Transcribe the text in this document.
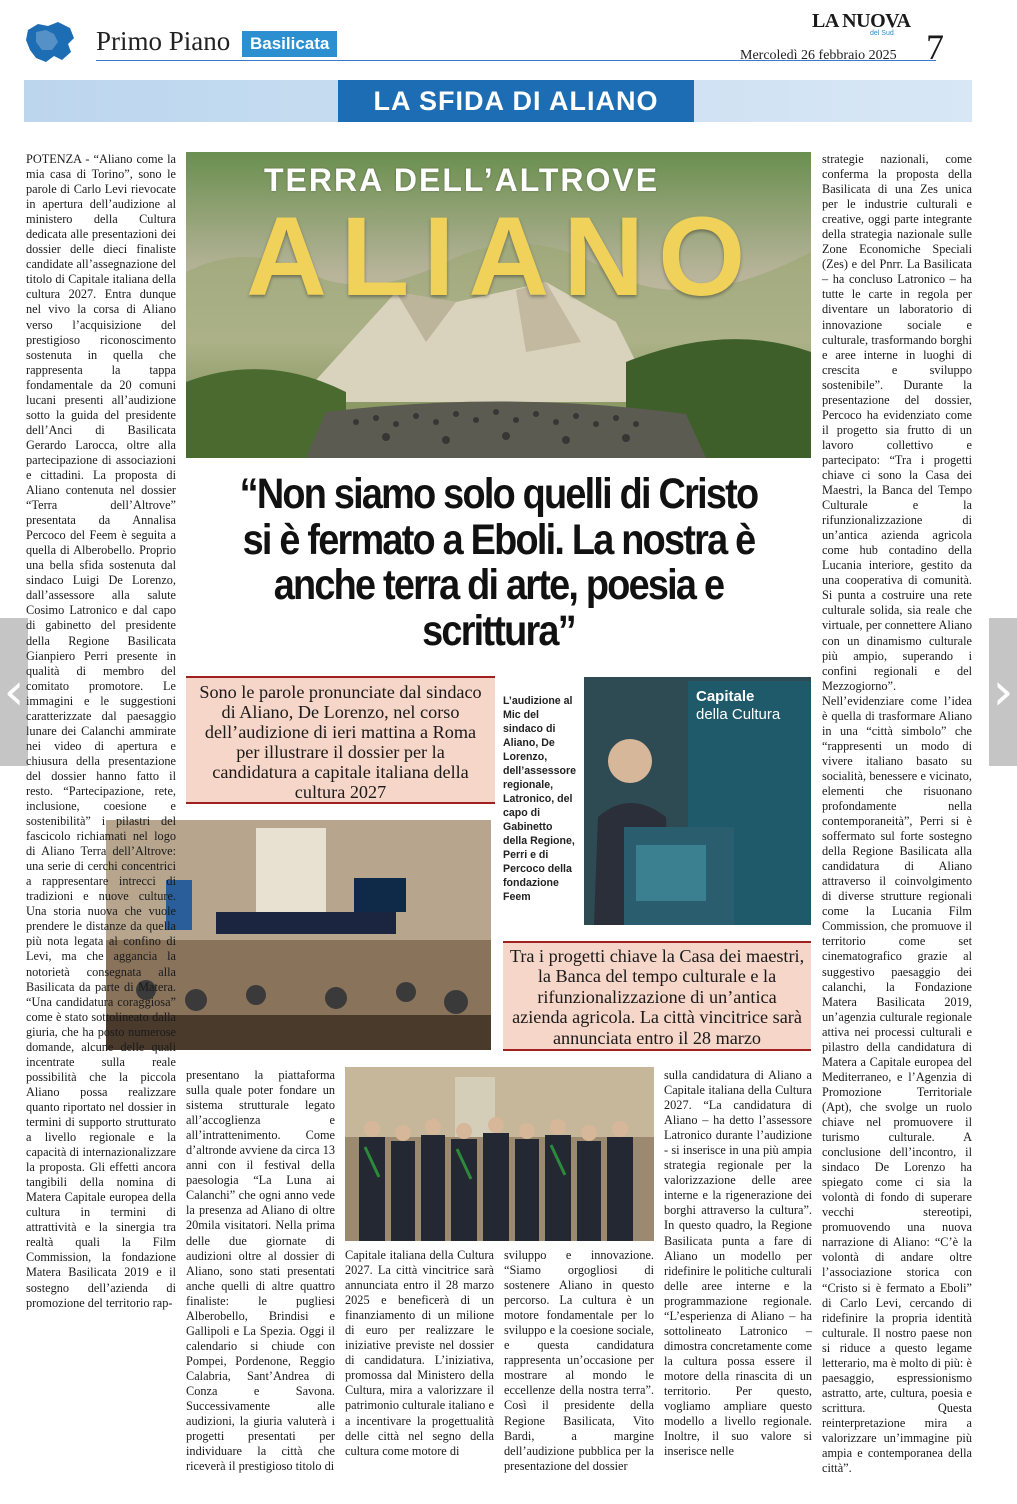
Primo Piano	Basilicata
LA NUOVA
del Sud
Mercoledì 26 febbraio 2025 7
LA SFIDA DI ALIANO
TERRA DELL’ALTROVE
ALIANO
“Non siamo solo quelli di Cristo
si è fermato a Eboli. La nostra è
anche terra di arte, poesia e scrittura”
Sono le parole pronunciate dal sindaco di Aliano, De Lorenzo, nel corso dell’audizione di ieri mattina a Roma per illustrare il dossier per la candidatura a capitale italiana della cultura 2027
L’audizione al Mic del sindaco di Aliano, De Lorenzo, dell’assessore regionale, Latronico, del capo di Gabinetto della Regione, Perri e di Percoco della fondazione Feem
Capitale
della Cultura
Tra i progetti chiave la Casa dei maestri, la Banca del tempo culturale e la rifunzionalizzazione di un’antica azienda agricola. La città vincitrice sarà annunciata entro il 28 marzo

POTENZA - “Aliano come la mia casa di Torino”, sono le parole di Carlo Levi rievocate in apertura dell’audizione al ministero della Cultura dedicata alle presentazioni dei dossier delle dieci finaliste candidate all’assegnazione del titolo di Capitale italiana della cultura 2027. Entra dunque nel vivo la corsa di Aliano verso l’acquisizione del prestigioso riconoscimento sostenuta in quella che rappresenta la tappa fondamentale da 20 comuni lucani presenti all’audizione sotto la guida del presidente dell’Anci di Basilicata Gerardo Larocca, oltre alla partecipazione di associazioni e cittadini. La proposta di Aliano contenuta nel dossier “Terra dell’Altrove” presentata da Annalisa Percoco del Feem è seguita a quella di Alberobello. Proprio una bella sfida sostenuta dal sindaco Luigi De Lorenzo, dall’assessore alla salute Cosimo Latronico e dal capo di gabinetto del presidente della Regione Basilicata Gianpiero Perri presente in qualità di membro del comitato promotore. Le immagini e le suggestioni caratterizzate dal paesaggio lunare dei Calanchi ammirate nei video di apertura e chiusura della presentazione del dossier hanno fatto il resto. “Partecipazione, rete, inclusione, coesione e sostenibilità” i pilastri del fascicolo richiamati nel logo di Aliano Terra dell’Altrove: una serie di cerchi concentrici a rappresentare intrecci di tradizioni e nuove culture. Una storia nuova che vuole prendere le distanze da quella più nota legata al confino di Levi, ma che aggancia la notorietà consegnata alla Basilicata da parte di Matera. “Una candidatura coraggiosa” come è stato sottolineato dalla giuria, che ha posto numerose domande, alcune delle quali incentrate sulla reale possibilità che la piccola Aliano possa realizzare quanto riportato nel dossier in termini di supporto strutturato a livello regionale e la capacità di internazionalizzare la proposta. Gli effetti ancora tangibili della nomina di Matera Capitale europea della cultura in termini di attrattività e la sinergia tra realtà quali la Film Commission, la fondazione Matera Basilicata 2019 e il sostegno dell’azienda di promozione del territorio rap-

presentano la piattaforma sulla quale poter fondare un sistema strutturale legato all’accoglienza e all’intrattenimento. Come d’altronde avviene da circa 13 anni con il festival della paesologia “La Luna ai Calanchi” che ogni anno vede la presenza ad Aliano di oltre 20mila visitatori. Nella prima delle due giornate di audizioni oltre al dossier di Aliano, sono stati presentati anche quelli di altre quattro finaliste: le pugliesi Alberobello, Brindisi e Gallipoli e La Spezia. Oggi il calendario si chiude con Pompei, Pordenone, Reggio Calabria, Sant’Andrea di Conza e Savona. Successivamente alle audizioni, la giuria valuterà i progetti presentati per individuare la città che riceverà il prestigioso titolo di

Capitale italiana della Cultura 2027. La città vincitrice sarà annunciata entro il 28 marzo 2025 e beneficerà di un finanziamento di un milione di euro per realizzare le iniziative previste nel dossier di candidatura. L’iniziativa, promossa dal Ministero della Cultura, mira a valorizzare il patrimonio culturale italiano e a incentivare la progettualità delle città nel segno della cultura come motore di

sviluppo e innovazione. “Siamo orgogliosi di sostenere Aliano in questo percorso. La cultura è un motore fondamentale per lo sviluppo e la coesione sociale, e questa candidatura rappresenta un’occasione per mostrare al mondo le eccellenze della nostra terra”. Così il presidente della Regione Basilicata, Vito Bardi, a margine dell’audizione pubblica per la presentazione del dossier

sulla candidatura di Aliano a Capitale italiana della Cultura 2027. “La candidatura di Aliano – ha detto l’assessore Latronico durante l’audizione - si inserisce in una più ampia strategia regionale per la valorizzazione delle aree interne e la rigenerazione dei borghi attraverso la cultura”. In questo quadro, la Regione Basilicata punta a fare di Aliano un modello per ridefinire le politiche culturali delle aree interne e la programmazione regionale. “L’esperienza di Aliano – ha sottolineato Latronico – dimostra concretamente come la cultura possa essere il motore della rinascita di un territorio. Per questo, vogliamo ampliare questo modello a livello regionale. Inoltre, il suo valore si inserisce nelle

strategie nazionali, come conferma la proposta della Basilicata di una Zes unica per le industrie culturali e creative, oggi parte integrante della strategia nazionale sulle Zone Economiche Speciali (Zes) e del Pnrr. La Basilicata – ha concluso Latronico – ha tutte le carte in regola per diventare un laboratorio di innovazione sociale e culturale, trasformando borghi e aree interne in luoghi di crescita e sviluppo sostenibile”. Durante la presentazione del dossier, Percoco ha evidenziato come il progetto sia frutto di un lavoro collettivo e partecipato: “Tra i progetti chiave ci sono la Casa dei Maestri, la Banca del Tempo Culturale e la rifunzionalizzazione di un’antica azienda agricola come hub contadino della Lucania interiore, gestito da una cooperativa di comunità. Si punta a costruire una rete culturale solida, sia reale che virtuale, per connettere Aliano con un dinamismo culturale più ampio, superando i confini regionali e del Mezzogiorno”. Nell’evidenziare come l’idea è quella di trasformare Aliano in una “città simbolo” che “rappresenti un modo di vivere italiano basato su socialità, benessere e vicinato, elementi che risuonano profondamente nella contemporaneità”, Perri si è soffermato sul forte sostegno della Regione Basilicata alla candidatura di Aliano attraverso il coinvolgimento di diverse strutture regionali come la Lucania Film Commission, che promuove il territorio come set cinematografico grazie al suggestivo paesaggio dei calanchi, la Fondazione Matera Basilicata 2019, un’agenzia culturale regionale attiva nei processi culturali e pilastro della candidatura di Matera a Capitale europea del Mediterraneo, e l’Agenzia di Promozione Territoriale (Apt), che svolge un ruolo chiave nel promuovere il turismo culturale. A conclusione dell’incontro, il sindaco De Lorenzo ha spiegato come ci sia la volontà di fondo di superare vecchi stereotipi, promuovendo una nuova narrazione di Aliano: “C’è la volontà di andare oltre l’associazione storica con “Cristo si è fermato a Eboli” di Carlo Levi, cercando di ridefinire la propria identità culturale. Il nostro paese non si riduce a questo legame letterario, ma è molto di più: è paesaggio, espressionismo astratto, arte, cultura, poesia e scrittura. Questa reinterpretazione mira a valorizzare un’immagine più ampia e contemporanea della città”.

‹	›
